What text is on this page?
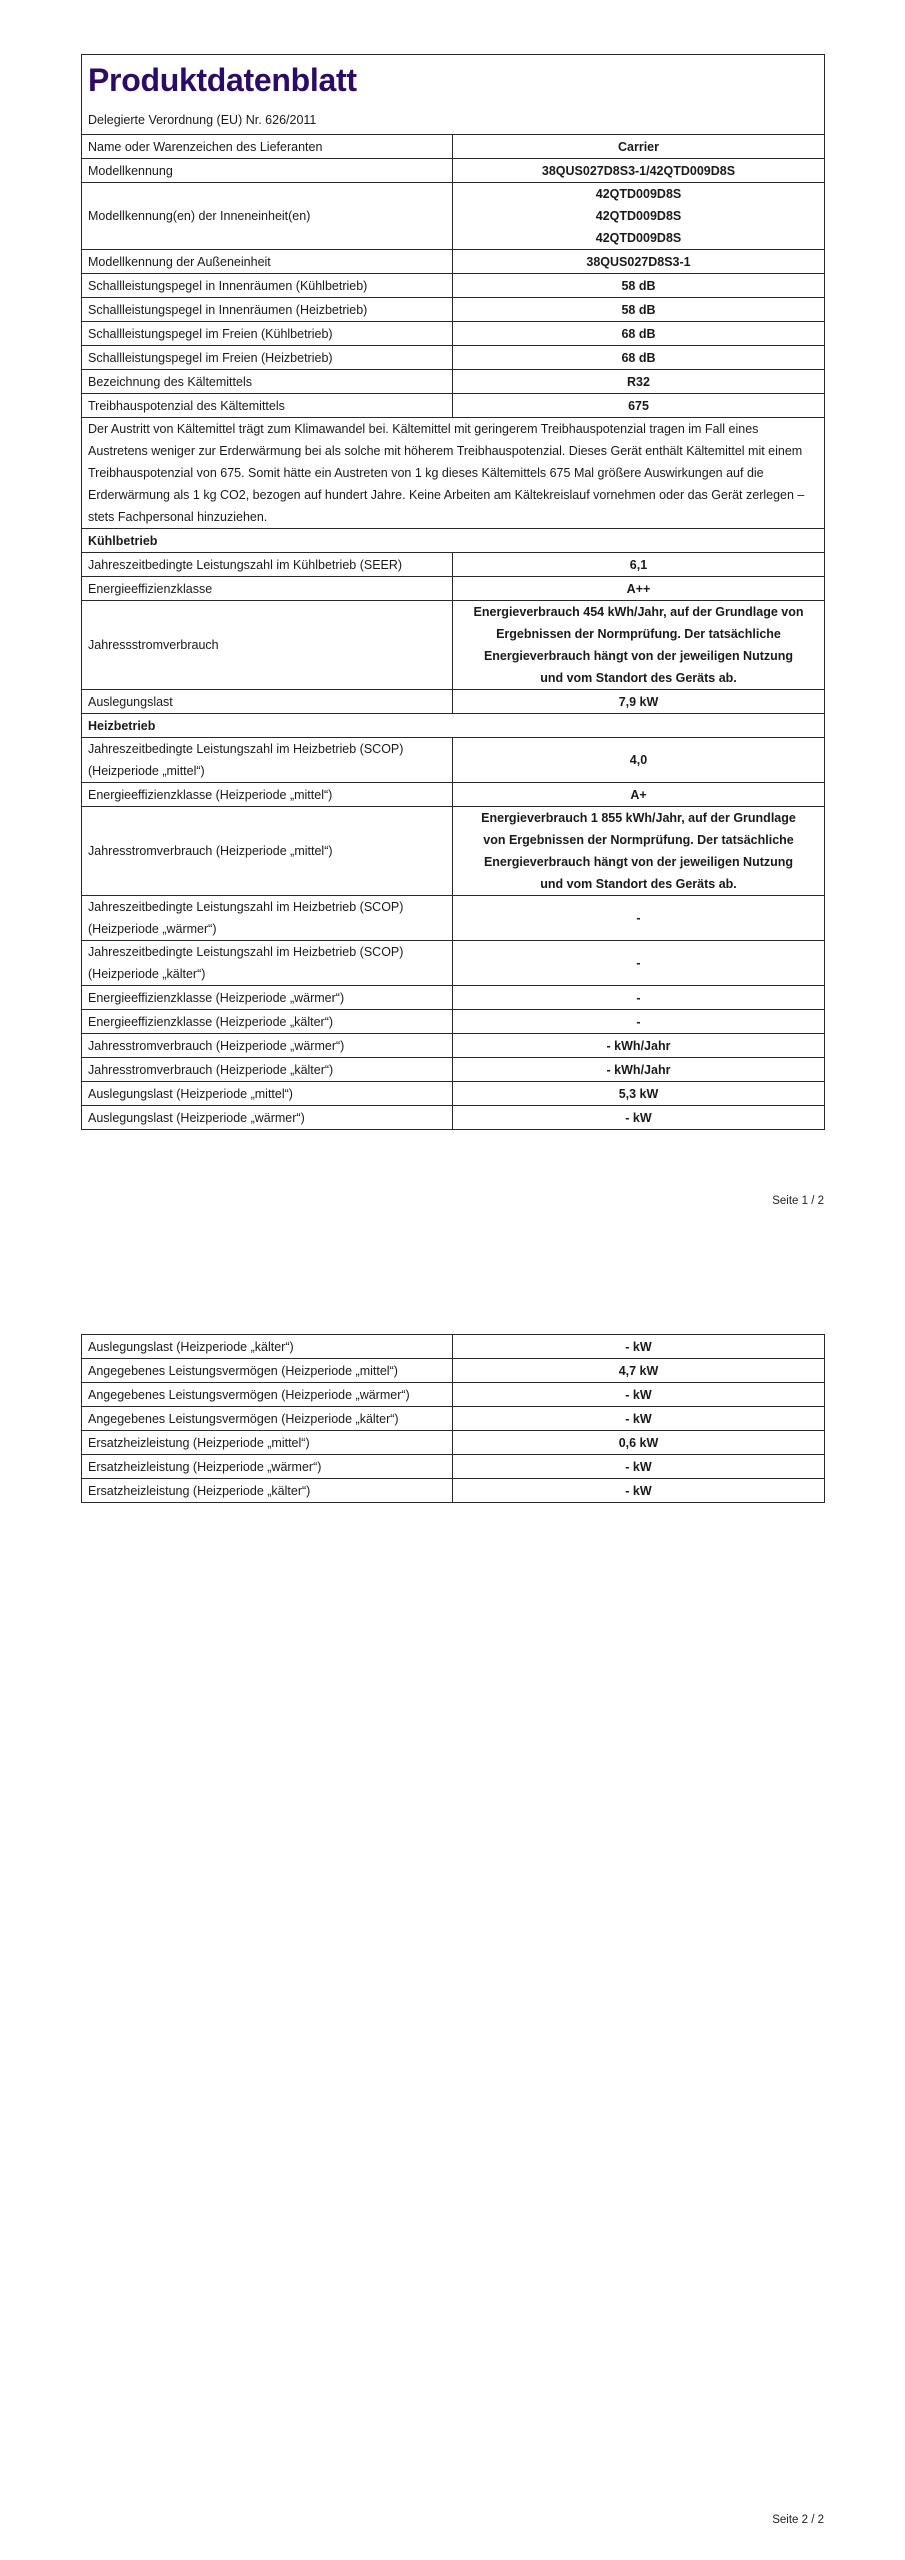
Produktdatenblatt
Delegierte Verordnung (EU) Nr. 626/2011	

Name oder Warenzeichen des Lieferanten	Carrier
Modellkennung	38QUS027D8S3-1/42QTD009D8S
Modellkennung(en) der Inneneinheit(en)	42QTD009D8S
42QTD009D8S
42QTD009D8S

Modellkennung der Außeneinheit	38QUS027D8S3-1
Schallleistungspegel in Innenräumen (Kühlbetrieb)	58 dB
Schallleistungspegel in Innenräumen (Heizbetrieb)	58 dB
Schallleistungspegel im Freien (Kühlbetrieb)	68 dB
Schallleistungspegel im Freien (Heizbetrieb)	68 dB
Bezeichnung des Kältemittels	R32
Treibhauspotenzial des Kältemittels	675
Der Austritt von Kältemittel trägt zum Klimawandel bei. Kältemittel mit geringerem Treibhauspotenzial tragen im Fall eines Austretens weniger zur Erderwärmung bei als solche mit höherem Treibhauspotenzial. Dieses Gerät enthält Kältemittel mit einem Treibhauspotenzial von 675. Somit hätte ein Austreten von 1 kg dieses Kältemittels 675 Mal größere Auswirkungen auf die Erderwärmung als 1 kg CO2, bezogen auf hundert Jahre. Keine Arbeiten am Kältekreislauf vornehmen oder das Gerät zerlegen – stets Fachpersonal hinzuziehen.	
Kühlbetrieb	
Jahreszeitbedingte Leistungszahl im Kühlbetrieb (SEER)	6,1
Energieeffizienzklasse	A++
Jahressstromverbrauch	Energieverbrauch 454 kWh/Jahr, auf der Grundlage von Ergebnissen der Normprüfung. Der tatsächliche Energieverbrauch hängt von der jeweiligen Nutzung und vom Standort des Geräts ab.
Auslegungslast	7,9 kW
Heizbetrieb	
Jahreszeitbedingte Leistungszahl im Heizbetrieb (SCOP) (Heizperiode „mittel“)	4,0
Energieeffizienzklasse (Heizperiode „mittel“)	A+
Jahresstromverbrauch (Heizperiode „mittel“)	Energieverbrauch 1 855 kWh/Jahr, auf der Grundlage von Ergebnissen der Normprüfung. Der tatsächliche Energieverbrauch hängt von der jeweiligen Nutzung und vom Standort des Geräts ab.
Jahreszeitbedingte Leistungszahl im Heizbetrieb (SCOP) (Heizperiode „wärmer“)	-
Jahreszeitbedingte Leistungszahl im Heizbetrieb (SCOP) (Heizperiode „kälter“)	-
Energieeffizienzklasse (Heizperiode „wärmer“)	-
Energieeffizienzklasse (Heizperiode „kälter“)	-
Jahresstromverbrauch (Heizperiode „wärmer“)	- kWh/Jahr
Jahresstromverbrauch (Heizperiode „kälter“)	- kWh/Jahr
Auslegungslast (Heizperiode „mittel“)	5,3 kW
Auslegungslast (Heizperiode „wärmer“)	- kW
Seite 1 / 2
Auslegungslast (Heizperiode „kälter“)	- kW
Angegebenes Leistungsvermögen (Heizperiode „mittel“)	4,7 kW
Angegebenes Leistungsvermögen (Heizperiode „wärmer“)	- kW
Angegebenes Leistungsvermögen (Heizperiode „kälter“)	- kW
Ersatzheizleistung (Heizperiode „mittel“)	0,6 kW
Ersatzheizleistung (Heizperiode „wärmer“)	- kW
Ersatzheizleistung (Heizperiode „kälter“)	- kW
Seite 2 / 2
